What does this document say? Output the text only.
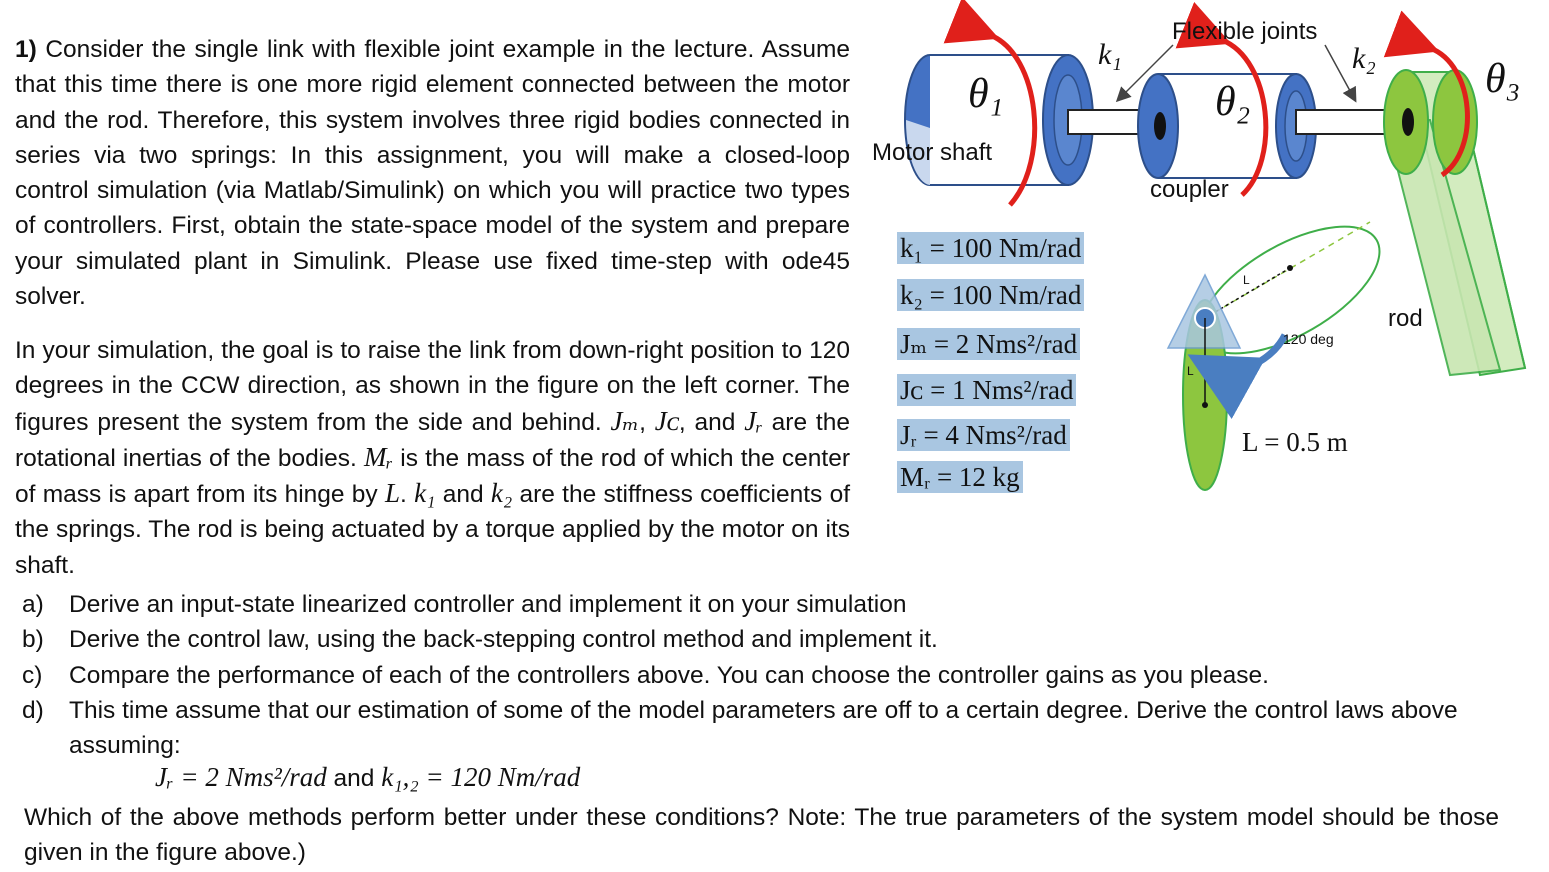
1) Consider the single link with flexible joint example in the lecture. Assume that this time there is one more rigid element connected between the motor and the rod. Therefore, this system involves three rigid bodies connected in series via two springs: In this assignment, you will make a closed-loop control simulation (via Matlab/Simulink) on which you will practice two types of controllers. First, obtain the state-space model of the system and prepare your simulated plant in Simulink. Please use fixed time-step with ode45 solver.
In your simulation, the goal is to raise the link from down-right position to 120 degrees in the CCW direction, as shown in the figure on the left corner. The figures present the system from the side and behind. Jₘ, Jᴄ, and Jᵣ are the rotational inertias of the bodies. Mᵣ is the mass of the rod of which the center of mass is apart from its hinge by L. k₁ and k₂ are the stiffness coefficients of the springs. The rod is being actuated by a torque applied by the motor on its shaft.
a) Derive an input-state linearized controller and implement it on your simulation
b) Derive the control law, using the back-stepping control method and implement it.
c) Compare the performance of each of the controllers above. You can choose the controller gains as you please.
d) This time assume that our estimation of some of the model parameters are off to a certain degree. Derive the control laws above assuming:
Jᵣ = 2 Nms²/rad and k₁,₂ = 120 Nm/rad
Which of the above methods perform better under these conditions? Note: The true parameters of the system model should be those given in the figure above.)
Flexible joints
Motor shaft
coupler
rod
k₁	k₂
θ₁	θ₂	θ₃
120 deg
L
L
L = 0.5 m
k₁ = 100 Nm/rad
k₂ = 100 Nm/rad
Jₘ = 2 Nms²/rad
Jᴄ = 1 Nms²/rad
Jᵣ = 4 Nms²/rad
Mᵣ = 12 kg
